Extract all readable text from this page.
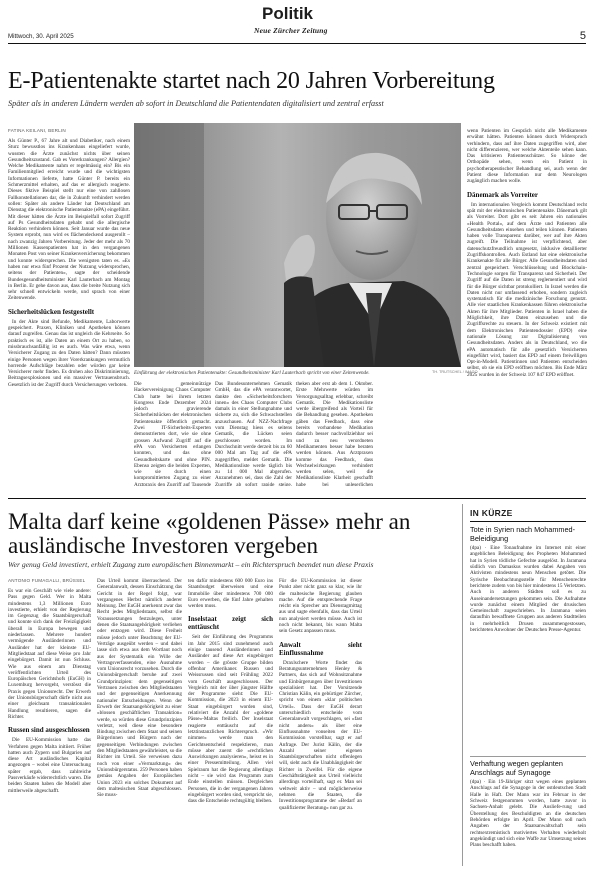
Mittwoch, 30. April 2025
Politik
Neue Zürcher Zeitung	5
E-Patientenakte startet nach 20 Jahren Vorbereitung
Später als in anderen Ländern werden ab sofort in Deutschland die Patientendaten digitalisiert und zentral erfasst
FATINA KEILANI, BERLIN

Als Günter P., 67 Jahre alt und Diabetiker, nach einem Sturz bewusstlos ins Krankenhaus eingeliefert wurde, wussten die Ärzte zunächst nichts über seinen Gesundheitszustand. Gab es Vorerkrankungen? Allergien? Welche Medikamente nahm er regelmässig ein? Bis ein Familienmitglied erreicht wurde und die wichtigsten Informationen lieferte, hatte Günter P. bereits ein Schmerzmittel erhalten, auf das er allergisch reagierte. Dieses fiktive Beispiel stellt nur eine von zahllosen Fallkonstellationen dar, die in Zukunft verhindert werden sollen: Später als andere Länder hat Deutschland am Dienstag die elektronische Patientenakte (ePA) eingeführt. Mit dieser hätten die Ärzte im Beispielfall sofort Zugriff auf Ps Gesundheitsdaten gehabt und die allergische Reaktion verhindern können. Seit Januar wurde das neue System erprobt, nun wird es flächendeckend ausgerollt – nach zwanzig Jahren Vorbereitung. Jeder der mehr als 70 Millionen Kassenpatienten hat in den vergangenen Monaten Post von seiner Krankenversicherung bekommen und konnte widersprechen. Die wenigsten taten es. «Es haben nur etwa fünf Prozent der Nutzung widersprochen, seitens der Patienten», sagte der scheidende Bundesgesundheitsminister Karl Lauterbach am Montag in Berlin. Er gehe davon aus, dass die breite Nutzung sich sehr schnell entwickeln werde, und sprach von einer Zeitenwende.

Sicherheitslücken festgestellt

In der Akte sind Befunde, Medikamente, Laborwerte gespeichert. Praxen, Kliniken und Apotheken können darauf zugreifen. Genau das ist ungleich die Kehrseite. So praktisch es ist, alle Daten an einem Ort zu haben, so missbrauchsanfällig ist es auch. Was wäre etwa, wenn Versicherer Zugang zu den Daten hätten? Dann müssten einige Personen wegen ihrer Vorerkrankungen vermutlich horrende Aufschläge bezahlen oder würden gar keine Versicherer mehr finden. Es drohen also Diskriminierung, Beitragsexplosionen und ein massiver Vertrauensbruch. Gesetzlich ist der Zugriff durch Versicherungen verboten.

Einführung der elektronischen Patientenakte: Gesundheitsminister Karl Lauterbach spricht von einer Zeitenwende.	TH. TRUTSCHEL / IMAGO

Die gemeinnützige Hackervereinigung Chaos Computer Club hatte bei ihrem letzten Kongress Ende Dezember 2024 jedoch gravierende Sicherheitslücken der elektronischen Patientenakte öffentlich gemacht. Zwei IT-Sicherheits-Experten demonstrierten dort, wie sie ohne grossen Aufwand Zugriff auf die ePA von Versicherten erlangen konnten, und das ohne Gesundheitskarte und ohne PIN. Ebenso zeigten die beiden Experten, wie sie durch einen kompromittierten Zugang zu einer Arztpraxis den Zugriff auf Tausende

Das Bundesunternehmen Gematik GmbH, das die ePA verantwortet, dankte den «Sicherheitsforschern innen» des Chaos Computer Clubs damals in einer Stellungnahme und sicherte zu, sich die Schwachstellen anzuschauen. Auf NZZ-Nachfrage vom Dienstag hiess es seitens Gematik, die Lücken seien geschlossen worden. Im Durchschnitt werde derzeit bis zu 60 000 Mal am Tag auf die ePA zugegriffen, meldet Gematik. Die Medikationsliste werde täglich bis zu 14 000 Mal abgerufen. Anzunehmen sei, dass die Zahl der Zugriffe ab sofort rapide steige.

theken aber erst ab dem 1. Oktober. Erste Mehrwerte würden im Versorgungsalltag erlebbar, schreibt Gematik. Die Medikationsliste werde übergreifend als Vorteil für die Behandlung gesehen. Apotheken gäben das Feedback, dass eine bereits vorhandene Medikation dadurch besser nachvollziehbar sei und zu neu verordneten Medikamenten besser habe beraten werden können. Aus Arztpraxen komme das Feedback, dass Wechselwirkungen verhindert werden selen, weil die Medikationsliste Klarheit geschafft habe bei unleserlichen

wenn Patienten im Gespräch nicht alle Medikamente erwähnt hätten. Patienten können durch Widerspruch verhindern, dass auf ihre Daten zugegriffen wird, aber nicht differenzieren, wer welche Aktenteile sehen kann. Das kritisieren Patientenschützer. So könne der Orthopäde sehen, wenn ein Patient in psychotherapeutischer Behandlung sei, auch wenn der Patient diese Information nur dem Neurologen zugänglich machen wolle.

Dänemark als Vorreiter

Im internationalen Vergleich kommt Deutschland recht spät mit der elektronischen Patientenakte. Dänemark gilt als Vorreiter. Dort gibt es seit Jahren ein nationales «Health Portal», auf dem Ärzte und Patienten alle Gesundheitsdaten einsehen und teilen können. Patienten haben volle Transparenz darüber, wer auf ihre Akten zugreift. Die Teilnahme ist verpflichtend, aber datenschutzfreundlich umgesetzt, inklusive detaillierter Zugriffskontrollen. Auch Estland hat eine elektronische Krankenakte für alle Bürger. Alle Gesundheitsdaten sind zentral gespeichert. Verschlüsselung und Blockchain-Technologie sorgen für Transparenz und Sicherheit. Der Zugriff auf die Daten ist streng reglementiert und wird für die Bürger sichtbar protokolliert. In Israel werden die Daten nicht nur umfassend erhoben, sondern zugleich systematisch für die medizinische Forschung genutzt. Alle vier staatlichen Krankenkassen führen elektronische Akten für ihre Mitglieder. Patienten in Israel haben die Möglichkeit, ihre Daten einzusehen und die Zugriffsrechte zu steuern. In der Schweiz existiert mit dem Elektronischen Patientendossier (EPD) eine nationale Lösung zur Digitalisierung von Gesundheitsdaten. Anders als in Deutschland, wo die ePA automatisch für alle gesetzlich Versicherten eingeführt wird, basiert das EPD auf einem freiwilligen Opt-in-Modell. Patientinnen und Patienten entscheiden selbst, ob sie ein EPD eröffnen möchten. Bis Ende März 2025 wurden in der Schweiz 107 847 EPD eröffnet.

Malta darf keine «goldenen Pässe» mehr an ausländische Investoren vergeben
Wer genug Geld investiert, erhielt Zugang zum europäischen Binnenmarkt – ein Richterspruch beendet nun diese Praxis
ANTONIO FUMAGALLI, BRÜSSEL

Es war ein Geschäft wie viele andere: Pass gegen Geld. Wer in Malta mindestens 1,3 Millionen Euro investierte, erhielt von der Regierung im Gegenzug die Staatsbürgerschaft und konnte sich dank der Freizügigkeit überall in Europa bewegen und niederlassen. Mehrere hundert vermögende Ausländerinnen und Ausländer hat der kleinste EU-Mitgliedstaat auf diese Weise pro Jahr eingebürgert. Damit ist nun Schluss. Wie aus einem am Dienstag veröffentlichten Urteil des Europäischen Gerichtshofs (EuGH) in Luxemburg hervorgeht, verstösst die Praxis gegen Unionsrecht. Der Erwerb der Unionsbürgerschaft dürfe nicht aus einer gleichsam transaktionalen Handlung resultieren, sagen die Richter.

Russen sind ausgeschlossen

Die EU-Kommission hatte das Verfahren gegen Malta initiiert. Früher hatten auch Zypern und Bulgarien auf diese Art ausländisches Kapital angezogen – wobei eine Untersuchung später ergab, dass zahlreiche Passverkäufe widerrechtlich waren. Die beiden Staaten haben die Modell aber mittlerweile abgeschafft.

Das Urteil kommt überraschend. Der Generalanwalt, dessen Einschätzung das Gericht in der Regel folgt, war vergangenes Herbst nämlich anderer Meinung. Der EuGH anerkennt zwar das Recht jedes Mitgliedstaats, selbst die Voraussetzungen festzulegen, unter denen die Staatsangehörigkeit verliehen oder entzogen wird. Diese Freiheit müsse jedoch unter Beachtung der EU-Verträge ausgeübt werden – und dabei lasse sich etwa aus dem Wortlaut noch aus der Systematik ein Wille der Vertragsverfassenden, eine Ausnahme vom Unionsrecht vorzusehen. Durch die Unionsbürgerschaft beruhe auf zwei Grundprinzipien: dem gegenseitigen Vertrauen zwischen den Mitgliedstaaten und der gegenseitigen Anerkennung nationaler Entscheidungen. Wenn der Erwerb der Staatsangehörigkeit zu einer «blossen geschäftlichen Transaktion» werde, so würden diese Grundprinzipien verletzt, weil diese eine besondere Bindung zwischen dem Staat und seinen Bürgerinnen und Bürgern nach der gegenseitigen Verbindungen zwischen den Mitgliedstaaten gewährleistet, so die Richter im Urteil. Sie verweisen dazu noch von einer «Vermarktung» des Unionsbürgerstatus. 259 Personen haben gemäss Angaben der Europäischen Union 2023 ein solches Dokument auf dem maltesischen Staat abgeschlossen. Sie muss-

ten dafür mindestens 600 000 Euro ins Staatsbudget überweisen und eine Immobilie über mindestens 700 000 Euro erwerben, die fünf Jahre gehalten werden muss.

Inselstaat zeigt sich enttäuscht

Seit der Einführung des Programms im Jahr 2015 sind zunehmend auch einige tausend Ausländerinnen und Ausländer auf diese Art eingebürgert worden – die grösste Gruppe bilden offenbar Amerikaner. Russen und Weissrussen sind seit Frühling 2022 vom Geschäft ausgeschlossen. Der Vergleich mit der über jüngster Hälfte der Programme sieht: Die EU-Kommission, die 2023 in einem EU-Staat eingebürgert worden sind, relativiert die Anzahl der «goldene Pässe»-Maltas freilich. Der Inselstaat reagierte enttäuscht auf die letztinstanzlichen Richterspruch. «Wir nimmer» werde man den Gerichtsentscheid respektieren, man müsse aber zuerst die «rechtlichen Auswirkungen analysieren», heisst es in einer Pressemitteilung. Allen viel Spielraum hat die Regierung allerdings nicht – sie wird das Programm zum Ende einstellen müssen. Dergleichen Personen, die in der vergangenen Jahren eingebürgert worden sind, verspricht sie, dass die Entscheide rechtsgültig bleiben.

Für die EU-Kommission ist dieser Punkt aber nicht ganz so klar, wie ihr die maltesische Regierung glauben mache. Auf die entsprechende Frage reicht ein Sprecher am Dienstagmittag aus und sagte ebenfalls, dass das Urteil nun analysiert werden müsse. Auch ist noch nicht bekannt, bis wann Malta sein Gesetz anpassen muss.

Anwalt sieht Einflussnahme

Draxlschere Worte findet das Beratungsunternehmen Henley & Partners, das sich auf Wohnsitznahme und Einbürgerungen über Investitionen spezialisiert hat. Der Vorsitzende Christian Kälin, ein gebürtiger Zürcher, spricht von einem «klar politischen Urteil». Dass der EuGH derart unterschiedlich entscheide vom Generalanwalt vorgeschlagen, sei «fast nicht anders» als über eine Einflussnahme vonseiten der EU-Kommission vorstellbar, sagt er auf Anfrage. Der Jurist Kälin, der die Anzahl seiner eigenen Staatsbürgerschaften nicht offenlegen will, sieht auch die Unabhängigkeit der Richter in Zweifel. Für die eigene Geschäftstätigkeit aus Urteil vielleicht allerdings vorteilhaft, sagt er. Man sei weltweit aktiv – und möglicherweise nehmen die Staaten, die Investitionsprogramme der «Bedarf an qualifizierter Beratung» nun gar zu.

IN KÜRZE
Tote in Syrien nach Mohammed-Beleidigung
(dpa) · Eine Tonaufnahme im Internet mit einer angeblichen Beleidigung des Propheten Mohammed hat in Syrien tödliche Gefechte ausgelöst. In Jaramana südlich von Damaskus wurden dabei Angaben von Aktivisten mindestens neun Menschen getötet. Die Syrische Beobachtungsstelle für Menschenrechte berichtete zudem von bis hier mindestens 15 Verletzten. Auch in anderen Städten soll es zu Auseinandersetzungen gekommen sein. Die Aufnahme wurde zunächst einem Mitglied der drusischen Gemeinschaft zugeschrieben. In Jaramana seien daraufhin bewaffnete Gruppen aus anderen Stadtteilen in mehrheitlich Drusen zusammengestossen, berichteten Anwohner der Deutschen Presse-Agentur.
Verhaftung wegen geplanten Anschlags auf Synagoge
(dpa) · Ein 19-Jähriger sitzt wegen eines geplanten Anschlags auf die Synagoge in der ostdeutschen Stadt Halle in Haft. Der Mann war im Februar in der Schweiz festgenommen worden, hatte zuvor in Sachsen-Anhalt gelebt. Die Ausliefe-rung und Überstellung des Beschuldigten an die deutschen Behörden erfolgte im April. Der Mann soll nach Angaben der Staatsanwaltschaft sein rechtsextremistisch motiviertes Verhalten wiederholt angekündigt und sich eine Waffe zur Umsetzung seines Plans beschafft haben.
